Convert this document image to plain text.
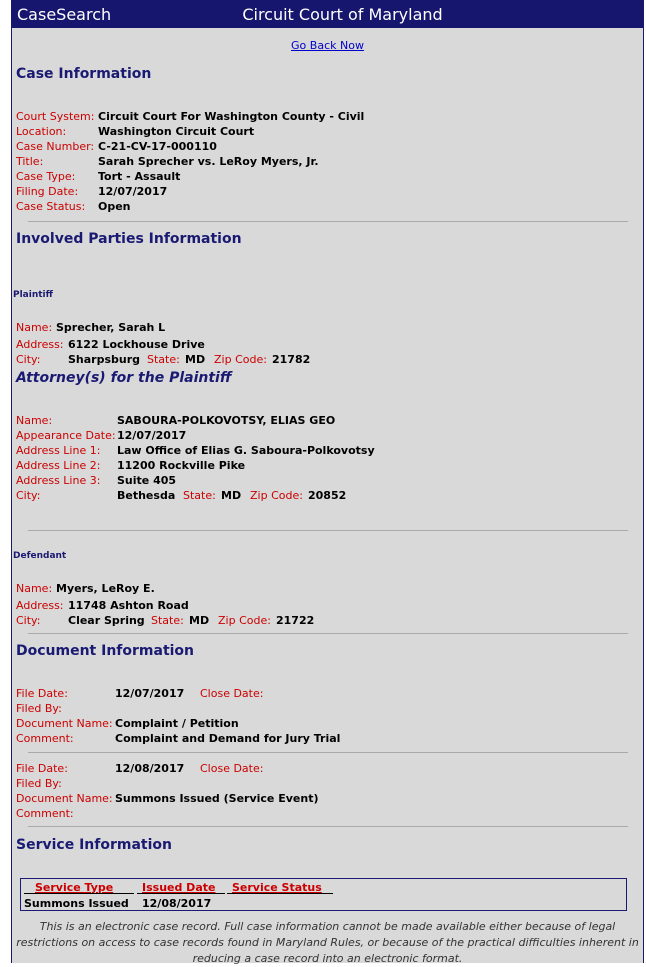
CaseSearch	Circuit Court of Maryland
Go Back Now
Case Information
Court System: Circuit Court For Washington County - Civil
Location:	Washington Circuit Court
Case Number: C-21-CV-17-000110
Title:	Sarah Sprecher vs. LeRoy Myers, Jr.
Case Type: Tort - Assault
Filing Date: 12/07/2017
Case Status: Open
Involved Parties Information
Plaintiff
Name: Sprecher, Sarah L
Address: 6122 Lockhouse Drive
City:	Sharpsburg State: MD Zip Code: 21782
Attorney(s) for the Plaintiff
Name:	SABOURA-POLKOVOTSY, ELIAS GEO
Appearance Date: 12/07/2017
Address Line 1: Law Office of Elias G. Saboura-Polkovotsy
Address Line 2: 11200 Rockville Pike
Address Line 3: Suite 405
City:	Bethesda State: MD Zip Code: 20852
Defendant
Name: Myers, LeRoy E.
Address: 11748 Ashton Road
City:	Clear Spring State: MD Zip Code: 21722
Document Information
File Date:	12/07/2017 Close Date:
Filed By:
Document Name: Complaint / Petition
Comment:	Complaint and Demand for Jury Trial
File Date:	12/08/2017 Close Date:
Filed By:
Document Name: Summons Issued (Service Event)
Comment:
Service Information
Service Type	Issued Date Service Status
Summons Issued 12/08/2017
This is an electronic case record. Full case information cannot be made available either because of legal restrictions on access to case records found in Maryland Rules, or because of the practical difficulties inherent in reducing a case record into an electronic format.
